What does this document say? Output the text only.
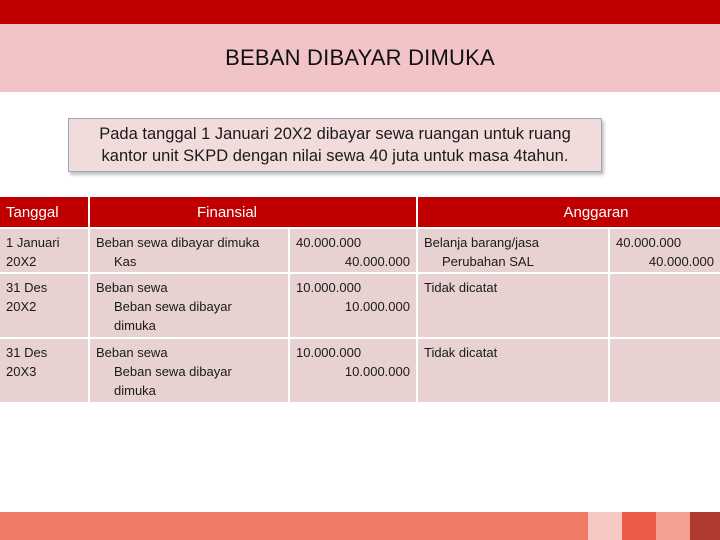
BEBAN DIBAYAR DIMUKA
Pada tanggal 1 Januari 20X2 dibayar sewa ruangan untuk ruang
kantor unit SKPD dengan nilai sewa 40 juta untuk masa 4tahun.
Tanggal	Finansial	Anggaran
1 Januari
20X2
Beban sewa dibayar dimuka
Kas
40.000.000
40.000.000
Belanja barang/jasa
Perubahan SAL
40.000.000
40.000.000
31 Des
20X2
Beban sewa
Beban sewa dibayar
dimuka
10.000.000
10.000.000
Tidak dicatat
31 Des
20X3
Beban sewa
Beban sewa dibayar
dimuka
10.000.000
10.000.000
Tidak dicatat
